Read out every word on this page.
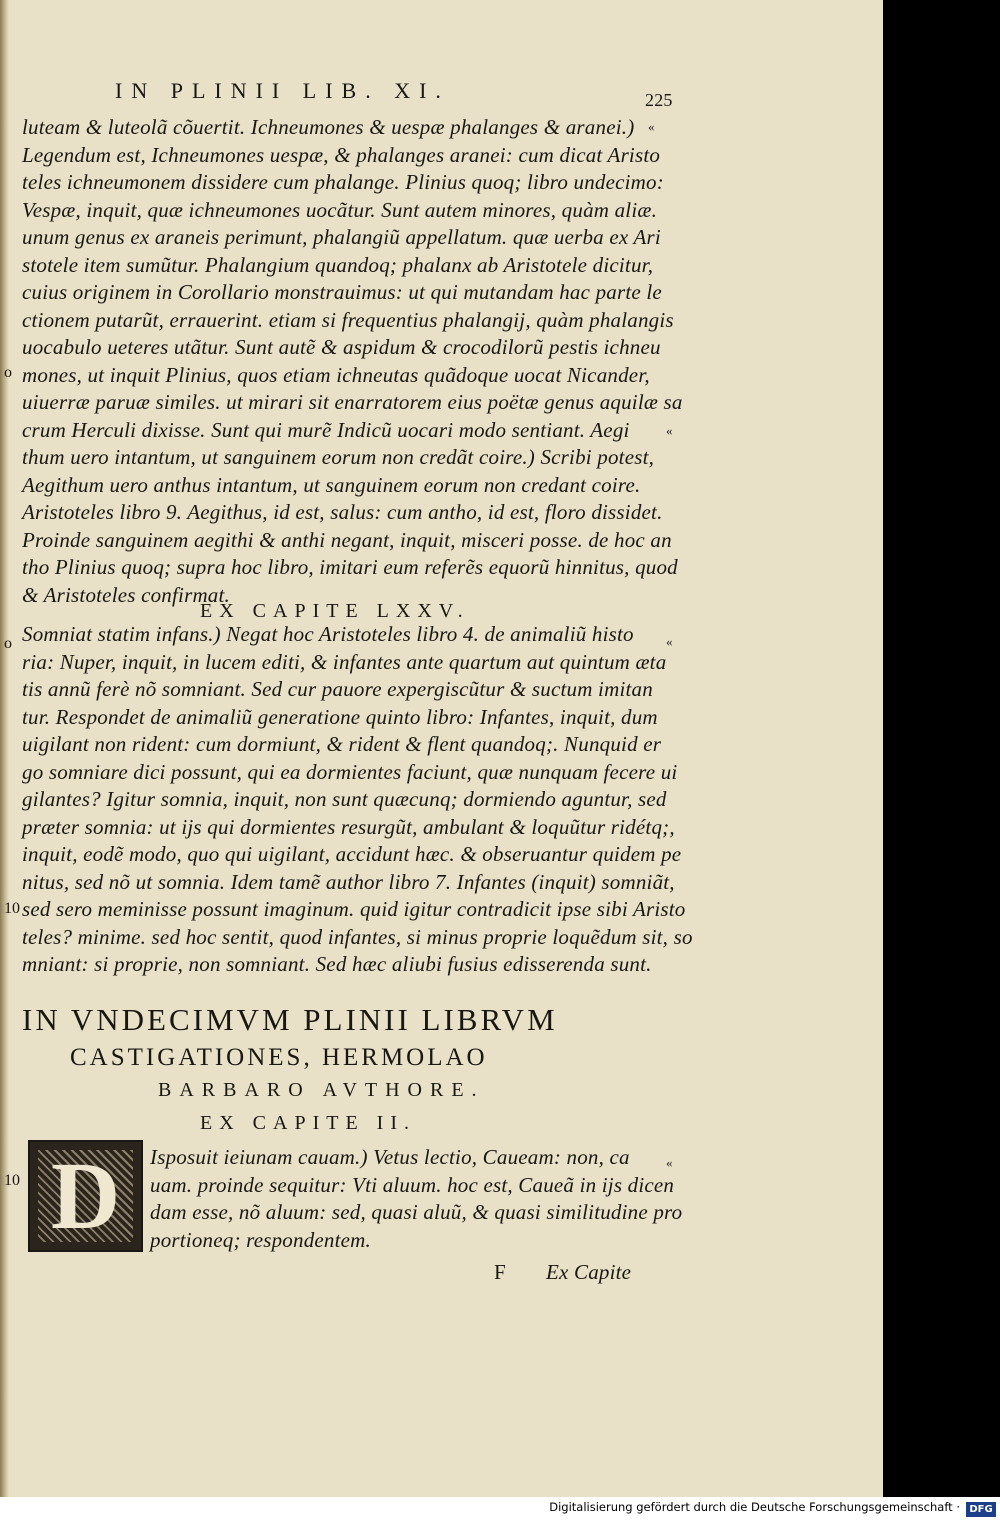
IN PLINII LIB. XI.	225
luteam & luteolã cõuertit. Ichneumones & uespæ phalanges & aranei.)
Legendum est, Ichneumones uespæ, & phalanges aranei: cum dicat Aristo
teles ichneumonem dissidere cum phalange. Plinius quoq; libro undecimo:
Vespæ, inquit, quæ ichneumones uocãtur. Sunt autem minores, quàm aliæ.
unum genus ex araneis perimunt, phalangiũ appellatum. quæ uerba ex Ari
stotele item sumũtur. Phalangium quandoq; phalanx ab Aristotele dicitur,
cuius originem in Corollario monstrauimus: ut qui mutandam hac parte le
ctionem putarũt, errauerint. etiam si frequentius phalangij, quàm phalangis
uocabulo ueteres utãtur. Sunt autẽ & aspidum & crocodilorũ pestis ichneu
mones, ut inquit Plinius, quos etiam ichneutas quãdoque uocat Nicander,
uiuerræ paruæ similes. ut mirari sit enarratorem eius poëtæ genus aquilæ sa
crum Herculi dixisse. Sunt qui murẽ Indicũ uocari modo sentiant. Aegi
thum uero intantum, ut sanguinem eorum non credãt coire.) Scribi potest,
Aegithum uero anthus intantum, ut sanguinem eorum non credant coire.
Aristoteles libro 9. Aegithus, id est, salus: cum antho, id est, floro dissidet.
Proinde sanguinem aegithi & anthi negant, inquit, misceri posse. de hoc an
tho Plinius quoq; supra hoc libro, imitari eum referẽs equorũ hinnitus, quod
& Aristoteles confirmat.
EX CAPITE LXXV.
Somniat statim infans.) Negat hoc Aristoteles libro 4. de animaliũ histo
ria: Nuper, inquit, in lucem editi, & infantes ante quartum aut quintum æta
tis annũ ferè nõ somniant. Sed cur pauore expergiscũtur & suctum imitan
tur. Respondet de animaliũ generatione quinto libro: Infantes, inquit, dum
uigilant non rident: cum dormiunt, & rident & flent quandoq;. Nunquid er
go somniare dici possunt, qui ea dormientes faciunt, quæ nunquam fecere ui
gilantes? Igitur somnia, inquit, non sunt quæcunq; dormiendo aguntur, sed
præter somnia: ut ijs qui dormientes resurgũt, ambulant & loquũtur ridétq;,
inquit, eodẽ modo, quo qui uigilant, accidunt hæc. & obseruantur quidem pe
nitus, sed nõ ut somnia. Idem tamẽ author libro 7. Infantes (inquit) somniãt,
sed sero meminisse possunt imaginum. quid igitur contradicit ipse sibi Aristo
teles? minime. sed hoc sentit, quod infantes, si minus proprie loquẽdum sit, so
mniant: si proprie, non somniant. Sed hæc aliubi fusius edisserenda sunt.
IN VNDECIMVM PLINII LIBRVM
CASTIGATIONES, HERMOLAO
BARBARO AVTHORE.
EX CAPITE II.
D	Isposuit ieiunam cauam.) Vetus lectio, Caueam: non, ca
uam. proinde sequitur: Vti aluum. hoc est, Caueã in ijs dicen
dam esse, nõ aluum: sed, quasi aluũ, & quasi similitudine pro
portioneq; respondentem.
F Ex Capite
o
o
10
10
«
«
«
«
Digitalisierung gefördert durch die Deutsche Forschungsgemeinschaft · DFG
